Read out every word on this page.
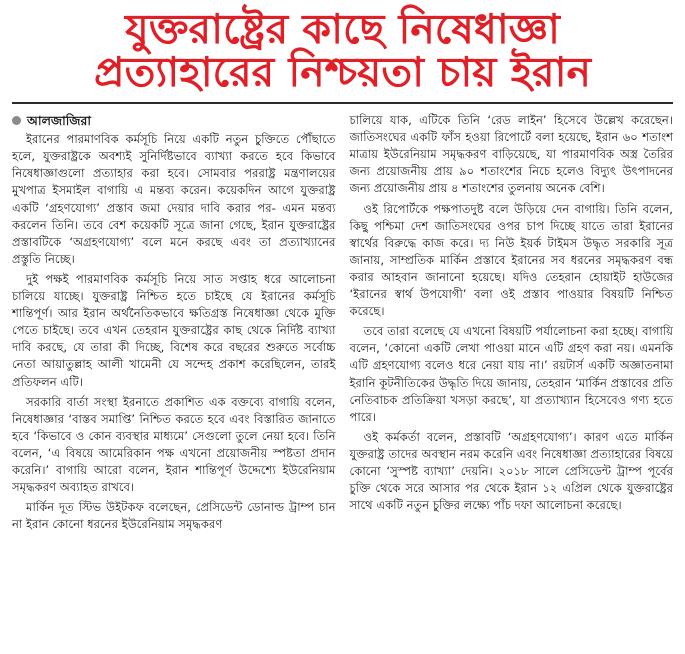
যুক্তরাষ্ট্রের কাছে নিষেধাজ্ঞা
প্রত্যাহারের নিশ্চয়তা চায় ইরান
আলজাজিরা

ইরানের পারমাণবিক কর্মসূচি নিয়ে একটি নতুন চুক্তিতে পৌঁছাতে হলে, যুক্তরাষ্ট্রকে অবশ্যই সুনির্দিষ্টভাবে ব্যাখ্যা করতে হবে কিভাবে নিষেধাজ্ঞাগুলো প্রত্যাহার করা হবে। সোমবার পররাষ্ট্র মন্ত্রণালয়ের মুখপাত্র ইসমাইল বাগায়ি এ মন্তব্য করেন। কয়েকদিন আগে যুক্তরাষ্ট্র একটি ‘গ্রহণযোগ্য’ প্রস্তাব জমা দেয়ার দাবি করার পর- এমন মন্তব্য করলেন তিনি। তবে বেশ কয়েকটি সূত্রে জানা গেছে, ইরান যুক্তরাষ্ট্রের প্রস্তাবটিকে ‘অগ্রহণযোগ্য’ বলে মনে করছে এবং তা প্রত্যাখ্যানের প্রস্তুতি নিচ্ছে।

দুই পক্ষই পারমাণবিক কর্মসূচি নিয়ে সাত সপ্তাহ ধরে আলোচনা চালিয়ে যাচ্ছে। যুক্তরাষ্ট্র নিশ্চিত হতে চাইছে যে ইরানের কর্মসূচি শান্তিপূর্ণ। আর ইরান অর্থনৈতিকভাবে ক্ষতিগ্রস্ত নিষেধাজ্ঞা থেকে মুক্তি পেতে চাইছে। তবে এখন তেহরান যুক্তরাষ্ট্রের কাছ থেকে নির্দিষ্ট ব্যাখ্যা দাবি করছে, যে তারা কী দিচ্ছে, বিশেষ করে বছরের শুরুতে সর্বোচ্চ নেতা আয়াতুল্লাহ আলী খামেনী যে সন্দেহ প্রকাশ করেছিলেন, তারই প্রতিফলন এটি।

সরকারি বার্তা সংস্থা ইরনাতে প্রকাশিত এক বক্তব্যে বাগায়ি বলেন, নিষেধাজ্ঞার ‘বাস্তব সমাপ্তি’ নিশ্চিত করতে হবে এবং বিস্তারিত জানাতে হবে ‘কিভাবে ও কোন ব্যবস্থার মাধ্যমে’ সেগুলো তুলে নেয়া হবে। তিনি বলেন, ‘এ বিষয়ে আমেরিকান পক্ষ এখনো প্রয়োজনীয় স্পষ্টতা প্রদান করেনি।’ বাগায়ি আরো বলেন, ইরান শান্তিপূর্ণ উদ্দেশ্যে ইউরেনিয়াম সমৃদ্ধকরণ অব্যাহত রাখবে।

মার্কিন দূত স্টিভ উইটকফ বলেছেন, প্রেসিডেন্ট ডোনাল্ড ট্রাম্প চান না ইরান কোনো ধরনের ইউরেনিয়াম সমৃদ্ধকরণ

চালিয়ে যাক, এটিকে তিনি ‘রেড লাইন’ হিসেবে উল্লেখ করেছেন। জাতিসংঘের একটি ফাঁস হওয়া রিপোর্টে বলা হয়েছে, ইরান ৬০ শতাংশ মাত্রায় ইউরেনিয়াম সমৃদ্ধকরণ বাড়িয়েছে, যা পারমাণবিক অস্ত্র তৈরির জন্য প্রয়োজনীয় প্রায় ৯০ শতাংশের নিচে হলেও বিদ্যুৎ উৎপাদনের জন্য প্রয়োজনীয় প্রায় ৪ শতাংশের তুলনায় অনেক বেশি।

ওই রিপোর্টকে পক্ষপাতদুষ্ট বলে উড়িয়ে দেন বাগায়ি। তিনি বলেন, কিছু পশ্চিমা দেশ জাতিসংঘের ওপর চাপ দিচ্ছে যাতে তারা ইরানের স্বার্থের বিরুদ্ধে কাজ করে। দ্য নিউ ইয়র্ক টাইমস উদ্ধৃত সরকারি সূত্র জানায়, সাম্প্রতিক মার্কিন প্রস্তাবে ইরানের সব ধরনের সমৃদ্ধকরণ বন্ধ করার আহবান জানানো হয়েছে। যদিও তেহরান হোয়াইট হাউজের ‘ইরানের স্বার্থ উপযোগী’ বলা ওই প্রস্তাব পাওয়ার বিষয়টি নিশ্চিত করেছে।

তবে তারা বলেছে যে এখনো বিষয়টি পর্যালোচনা করা হচ্ছে। বাগায়ি বলেন, ‘কোনো একটি লেখা পাওয়া মানে এটি গ্রহণ করা নয়। এমনকি এটি গ্রহণযোগ্য বলেও ধরে নেয়া যায় না।’ রয়টার্স একটি অজ্ঞাতনামা ইরানি কূটনীতিকের উদ্ধৃতি দিয়ে জানায়, তেহরান ‘মার্কিন প্রস্তাবের প্রতি নেতিবাচক প্রতিক্রিয়া খসড়া করছে’, যা প্রত্যাখ্যান হিসেবেও গণ্য হতে পারে।

ওই কর্মকর্তা বলেন, প্রস্তাবটি ‘অগ্রহণযোগ্য’। কারণ এতে মার্কিন যুক্তরাষ্ট্র তাদের অবস্থান নরম করেনি এবং নিষেধাজ্ঞা প্রত্যাহারের বিষয়ে কোনো ‘সুস্পষ্ট ব্যাখ্যা’ দেয়নি। ২০১৮ সালে প্রেসিডেন্ট ট্রাম্প পূর্বের চুক্তি থেকে সরে আসার পর থেকে ইরান ১২ এপ্রিল থেকে যুক্তরাষ্ট্রের সাথে একটি নতুন চুক্তির লক্ষ্যে পাঁচ দফা আলোচনা করেছে।
